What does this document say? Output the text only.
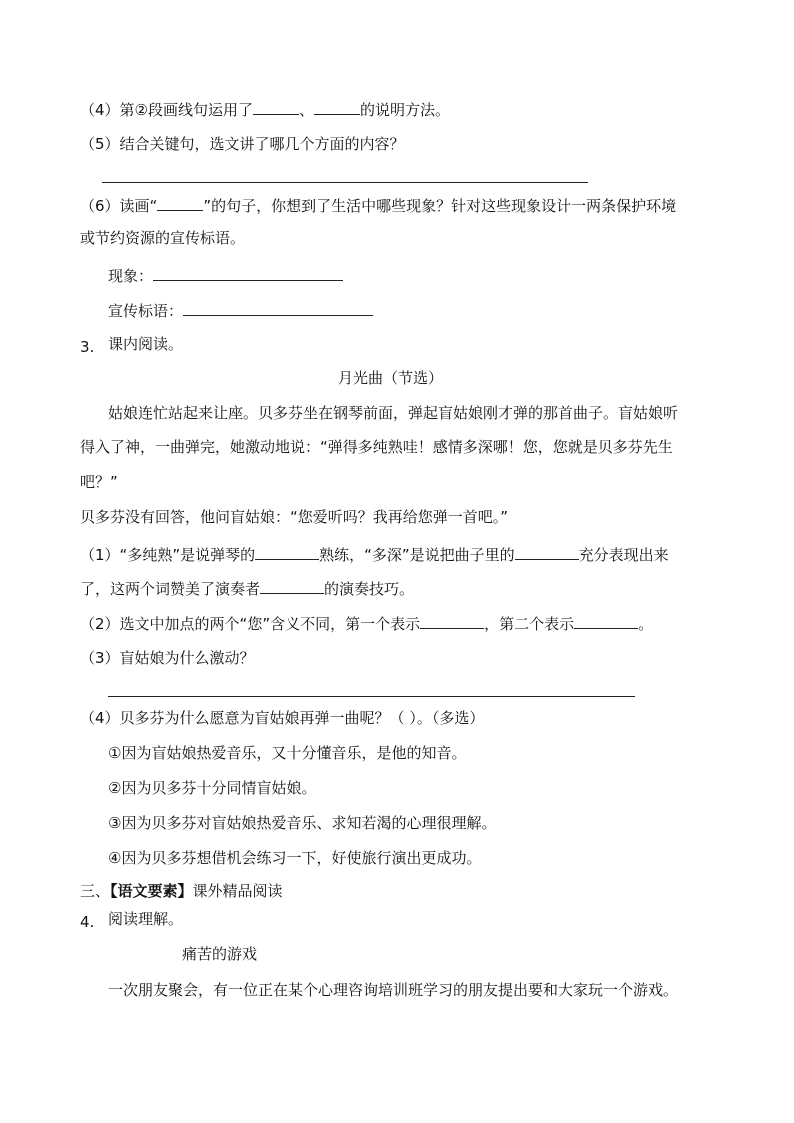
（4）第②段画线句运用了	、	的说明方法。
（5）结合关键句，选文讲了哪几个方面的内容？
（6）读画“	”的句子，你想到了生活中哪些现象？针对这些现象设计一两条保护环境
或节约资源的宣传标语。
现象：
宣传标语：
3. 课内阅读。
月光曲（节选）
姑娘连忙站起来让座。贝多芬坐在钢琴前面，弹起盲姑娘刚才弹的那首曲子。盲姑娘听
得入了神，一曲弹完，她激动地说：“弹得多纯熟哇！感情多深哪！您，您就是贝多芬先生
吧？”
贝多芬没有回答，他问盲姑娘：“您爱听吗？我再给您弹一首吧。”
（1）“多纯熟”是说弹琴的	熟练，“多深”是说把曲子里的	充分表现出来
了，这两个词赞美了演奏者	的演奏技巧。
（2）选文中加点的两个“您”含义不同，第一个表示	，第二个表示	。
（3）盲姑娘为什么激动？
（4）贝多芬为什么愿意为盲姑娘再弹一曲呢？（ ）。（多选）
①因为盲姑娘热爱音乐，又十分懂音乐，是他的知音。
②因为贝多芬十分同情盲姑娘。
③因为贝多芬对盲姑娘热爱音乐、求知若渴的心理很理解。
④因为贝多芬想借机会练习一下，好使旅行演出更成功。
三、【语文要素】课外精品阅读
4. 阅读理解。
痛苦的游戏
一次朋友聚会，有一位正在某个心理咨询培训班学习的朋友提出要和大家玩一个游戏。
